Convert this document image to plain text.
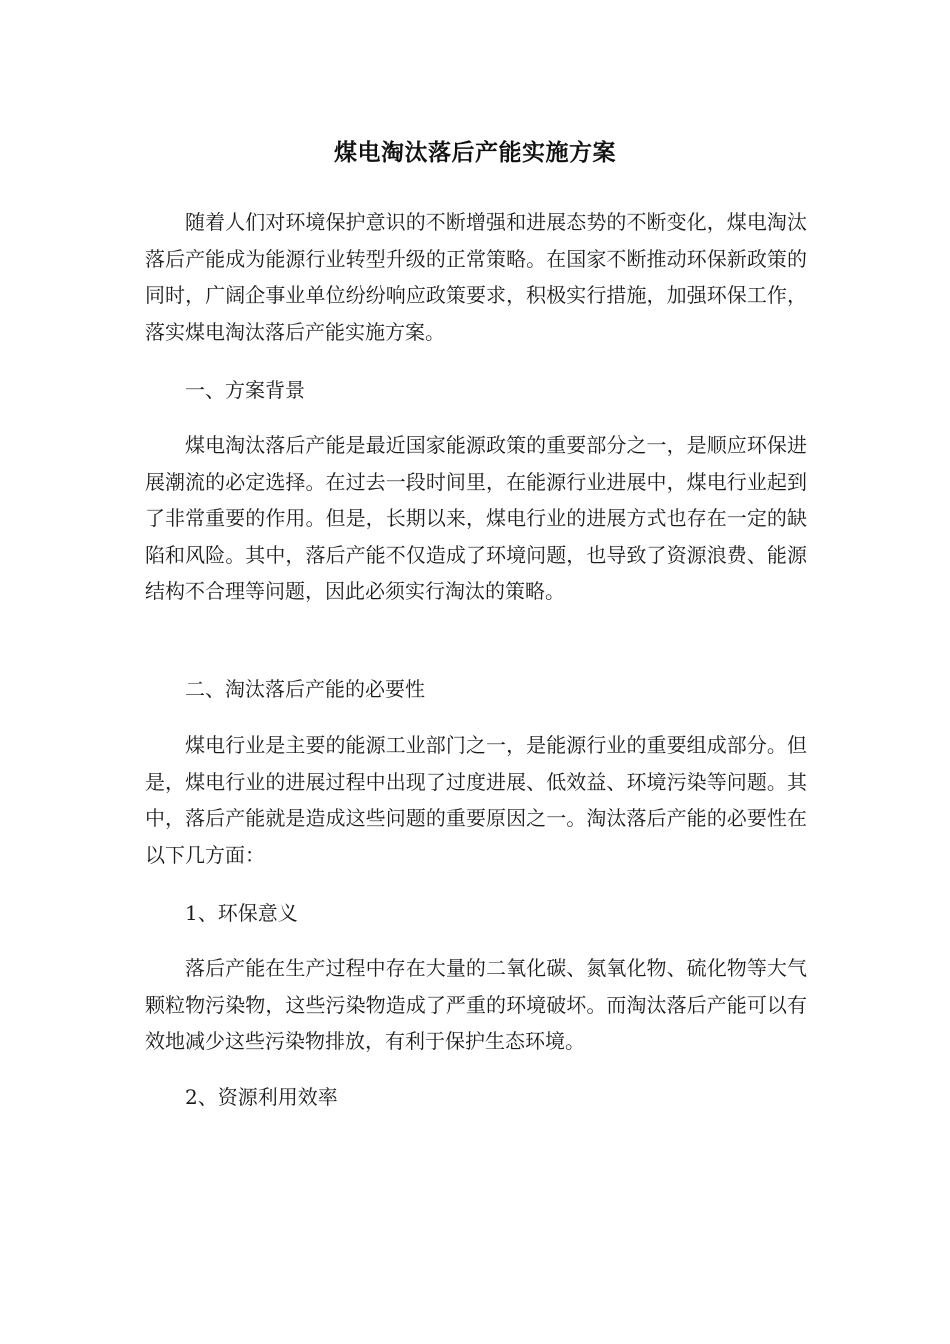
煤电淘汰落后产能实施方案

随着人们对环境保护意识的不断增强和进展态势的不断变化，煤电淘汰落后产能成为能源行业转型升级的正常策略。在国家不断推动环保新政策的同时，广阔企事业单位纷纷响应政策要求，积极实行措施，加强环保工作，落实煤电淘汰落后产能实施方案。

一、方案背景

煤电淘汰落后产能是最近国家能源政策的重要部分之一，是顺应环保进展潮流的必定选择。在过去一段时间里，在能源行业进展中，煤电行业起到了非常重要的作用。但是，长期以来，煤电行业的进展方式也存在一定的缺陷和风险。其中，落后产能不仅造成了环境问题，也导致了资源浪费、能源结构不合理等问题，因此必须实行淘汰的策略。

二、淘汰落后产能的必要性

煤电行业是主要的能源工业部门之一，是能源行业的重要组成部分。但是，煤电行业的进展过程中出现了过度进展、低效益、环境污染等问题。其中，落后产能就是造成这些问题的重要原因之一。淘汰落后产能的必要性在以下几方面：

1、环保意义

落后产能在生产过程中存在大量的二氧化碳、氮氧化物、硫化物等大气颗粒物污染物，这些污染物造成了严重的环境破坏。而淘汰落后产能可以有效地减少这些污染物排放，有利于保护生态环境。

2、资源利用效率
